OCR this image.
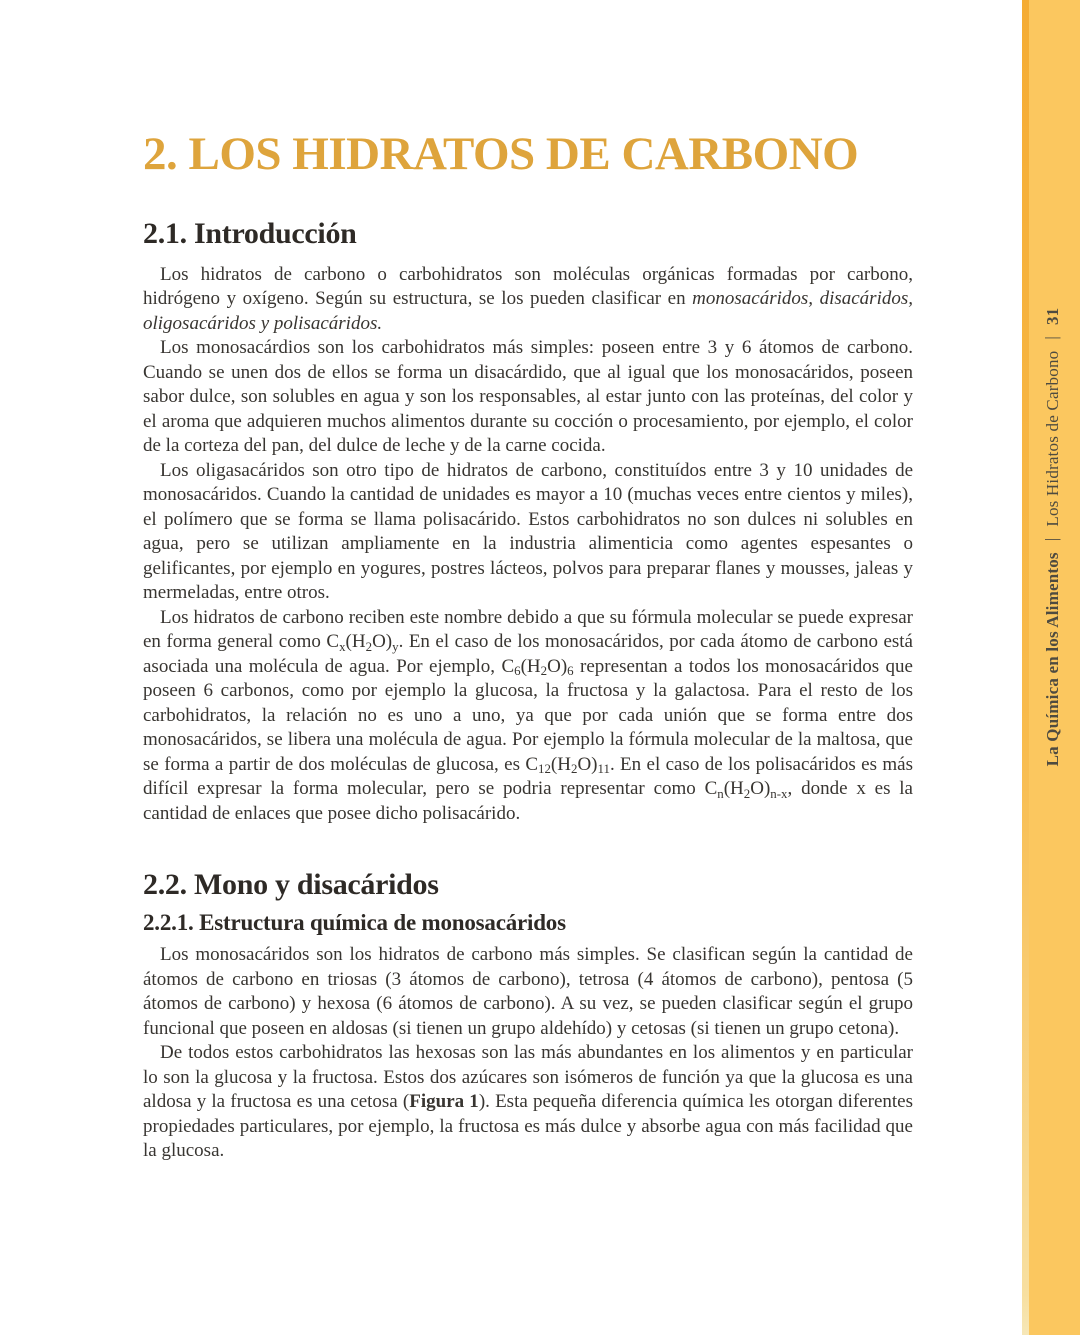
2. LOS HIDRATOS DE CARBONO
2.1. Introducción

Los hidratos de carbono o carbohidratos son moléculas orgánicas formadas por carbono, hidrógeno y oxígeno. Según su estructura, se los pueden clasificar en monosacáridos, disacáridos, oligosacáridos y polisacáridos.

Los monosacárdios son los carbohidratos más simples: poseen entre 3 y 6 átomos de carbono. Cuando se unen dos de ellos se forma un disacárdido, que al igual que los monosacáridos, poseen sabor dulce, son solubles en agua y son los responsables, al estar junto con las proteínas, del color y el aroma que adquieren muchos alimentos durante su cocción o procesamiento, por ejemplo, el color de la corteza del pan, del dulce de leche y de la carne cocida.

Los oligasacáridos son otro tipo de hidratos de carbono, constituídos entre 3 y 10 unidades de monosacáridos. Cuando la cantidad de unidades es mayor a 10 (muchas veces entre cientos y miles), el polímero que se forma se llama polisacárido. Estos carbohidratos no son dulces ni solubles en agua, pero se utilizan ampliamente en la industria alimenticia como agentes espesantes o gelificantes, por ejemplo en yogures, postres lácteos, polvos para preparar flanes y mousses, jaleas y mermeladas, entre otros.

Los hidratos de carbono reciben este nombre debido a que su fórmula molecular se puede expresar en forma general como $C_x(H_2O)_y$. En el caso de los monosacáridos, por cada átomo de carbono está asociada una molécula de agua. Por ejemplo, $C_6(H_2O)_6$ representan a todos los monosacáridos que poseen 6 carbonos, como por ejemplo la glucosa, la fructosa y la galactosa. Para el resto de los carbohidratos, la relación no es uno a uno, ya que por cada unión que se forma entre dos monosacáridos, se libera una molécula de agua. Por ejemplo la fórmula molecular de la maltosa, que se forma a partir de dos moléculas de glucosa, es $C_{12}(H_2O)_{11}$. En el caso de los polisacáridos es más difícil expresar la forma molecular, pero se podria representar como $C_n(H_2O)_{n-x}$, donde x es la cantidad de enlaces que posee dicho polisacárido.

2.2. Mono y disacáridos
2.2.1. Estructura química de monosacáridos

Los monosacáridos son los hidratos de carbono más simples. Se clasifican según la cantidad de átomos de carbono en triosas (3 átomos de carbono), tetrosa (4 átomos de carbono), pentosa (5 átomos de carbono) y hexosa (6 átomos de carbono). A su vez, se pueden clasificar según el grupo funcional que poseen en aldosas (si tienen un grupo aldehído) y cetosas (si tienen un grupo cetona).

De todos estos carbohidratos las hexosas son las más abundantes en los alimentos y en particular lo son la glucosa y la fructosa. Estos dos azúcares son isómeros de función ya que la glucosa es una aldosa y la fructosa es una cetosa (Figura 1). Esta pequeña diferencia química les otorgan diferentes propiedades particulares, por ejemplo, la fructosa es más dulce y absorbe agua con más facilidad que la glucosa.

La Química en los Alimentos|Los Hidratos de Carbono|31
